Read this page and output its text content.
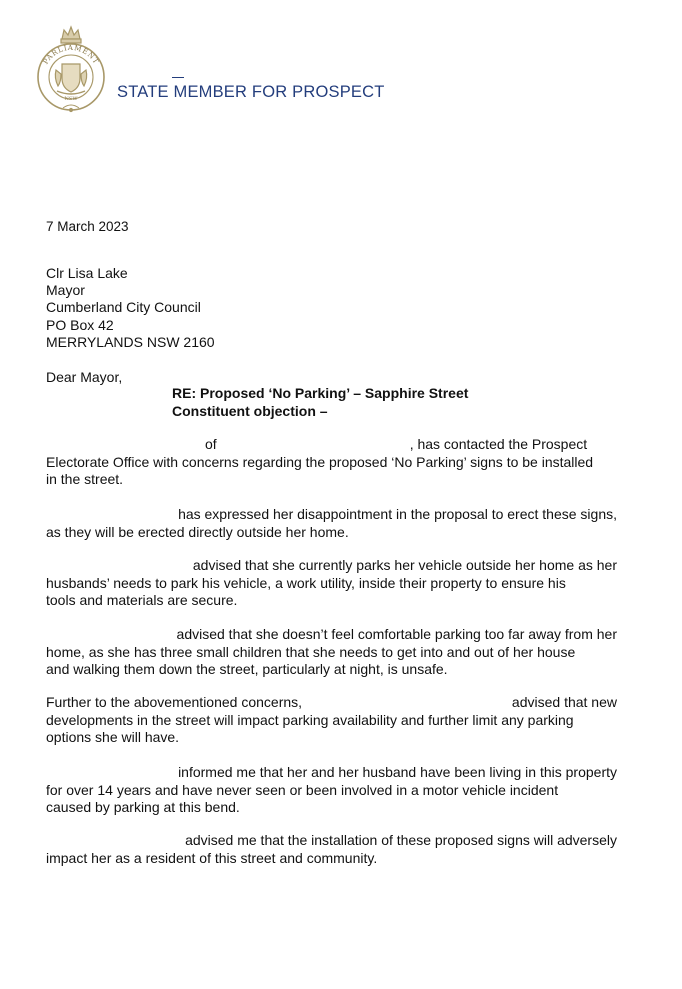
PARLIAMENT
NSW STATE MEMBER FOR PROSPECT
7 March 2023
Clr Lisa Lake
Mayor
Cumberland City Council
PO Box 42
MERRYLANDS NSW 2160
Dear Mayor,
RE: Proposed ‘No Parking’ – Sapphire Street
Constituent objection –
of	, has contacted the Prospect
Electorate Office with concerns regarding the proposed ‘No Parking’ signs to be installed
in the street.
has expressed her disappointment in the proposal to erect these signs,
as they will be erected directly outside her home.
advised that she currently parks her vehicle outside her home as her
husbands’ needs to park his vehicle, a work utility, inside their property to ensure his
tools and materials are secure.
advised that she doesn’t feel comfortable parking too far away from her
home, as she has three small children that she needs to get into and out of her house
and walking them down the street, particularly at night, is unsafe.
Further to the abovementioned concerns,	advised that new
developments in the street will impact parking availability and further limit any parking
options she will have.
informed me that her and her husband have been living in this property
for over 14 years and have never seen or been involved in a motor vehicle incident
caused by parking at this bend.
advised me that the installation of these proposed signs will adversely
impact her as a resident of this street and community.
